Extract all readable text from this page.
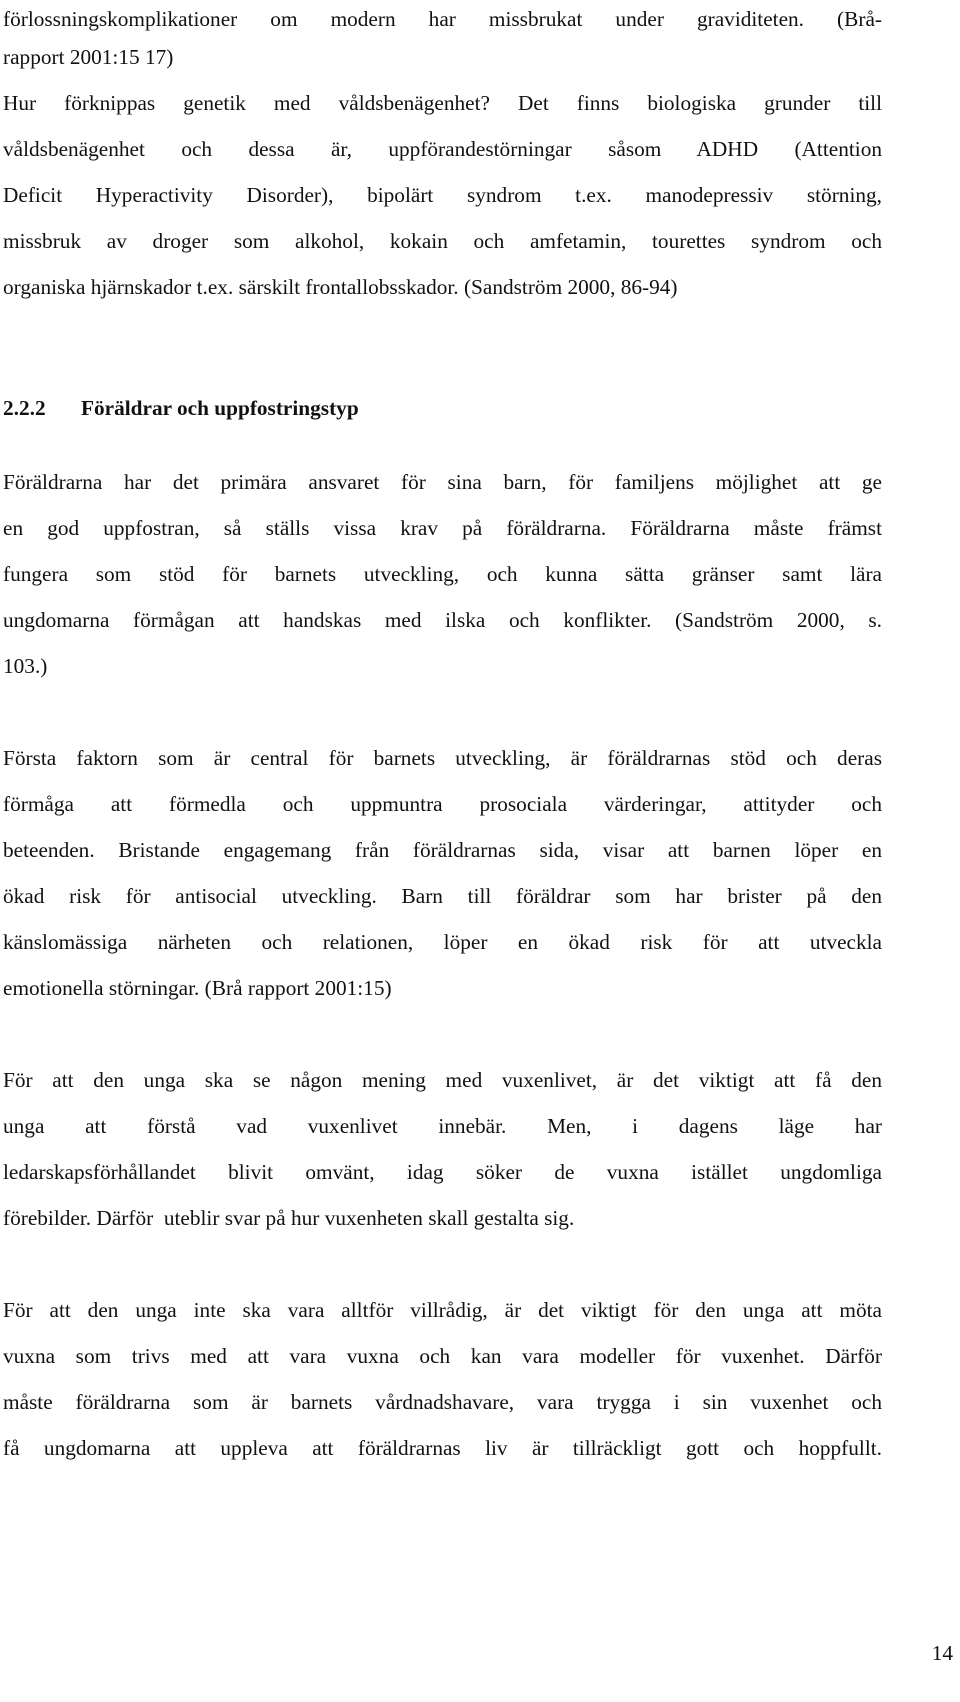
förlossningskomplikationer om modern har missbrukat under graviditeten. (Brå-
rapport 2001:15 17)
Hur förknippas genetik med våldsbenägenhet? Det finns biologiska grunder till
våldsbenägenhet och dessa är, uppförandestörningar såsom ADHD (Attention
Deficit Hyperactivity Disorder), bipolärt syndrom t.ex. manodepressiv störning,
missbruk av droger som alkohol, kokain och amfetamin, tourettes syndrom och
organiska hjärnskador t.ex. särskilt frontallobsskador. (Sandström 2000, 86-94)
2.2.2 Föräldrar och uppfostringstyp
Föräldrarna har det primära ansvaret för sina barn, för familjens möjlighet att ge
en god uppfostran, så ställs vissa krav på föräldrarna. Föräldrarna måste främst
fungera som stöd för barnets utveckling, och kunna sätta gränser samt lära
ungdomarna förmågan att handskas med ilska och konflikter. (Sandström 2000, s.
103.)
Första faktorn som är central för barnets utveckling, är föräldrarnas stöd och deras
förmåga att förmedla och uppmuntra prosociala värderingar, attityder och
beteenden. Bristande engagemang från föräldrarnas sida, visar att barnen löper en
ökad risk för antisocial utveckling. Barn till föräldrar som har brister på den
känslomässiga närheten och relationen, löper en ökad risk för att utveckla
emotionella störningar. (Brå rapport 2001:15)
För att den unga ska se någon mening med vuxenlivet, är det viktigt att få den
unga att förstå vad vuxenlivet innebär. Men, i dagens läge har
ledarskapsförhållandet blivit omvänt, idag söker de vuxna istället ungdomliga
förebilder. Därför  uteblir svar på hur vuxenheten skall gestalta sig.
För att den unga inte ska vara alltför villrådig, är det viktigt för den unga att möta
vuxna som trivs med att vara vuxna och kan vara modeller för vuxenhet. Därför
måste föräldrarna som är barnets vårdnadshavare, vara trygga i sin vuxenhet och
få ungdomarna att uppleva att föräldrarnas liv är tillräckligt gott och hoppfullt.
14
